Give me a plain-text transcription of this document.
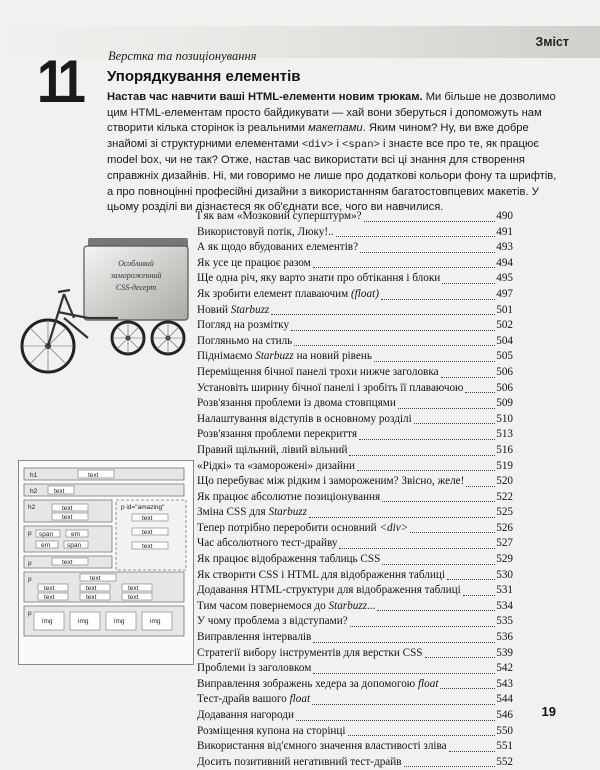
Зміст
11 Верстка та позиціонування
Упорядкування елементів

Настав час навчити ваші HTML-елементи новим трюкам. Ми більше не дозволимо цим HTML-елементам просто байдикувати — хай вони зберуться і допоможуть нам створити кілька сторінок із реальними макетами. Яким чином? Ну, ви вже добре знайомі зі структурними елементами <div> і <span> і знаєте все про те, як працює model box, чи не так? Отже, настав час використати всі ці знання для створення справжніх дизайнів. Ні, ми говоримо не лише про додаткові кольори фону та шрифтів, а про повноцінні професійні дизайни з використанням багатостовпцевих макетів. У цьому розділі ви дізнаєтеся як об'єднати все, чого ви навчилися.

Особливий
замороженний
CSS-десерт
h1	text
h2	text
h2	text
text
p id="amazing"
text
text
text
p span	em
em	span
p	text
p	text
text	text	text
text	text	text
p
img	img	img	img
І як вам «Мозковий суперштурм»?	490
Використовуй потік, Люку!..	491
А як щодо вбудованих елементів?	493
Як усе це працює разом	494
Ще одна річ, яку варто знати про обтікання і блоки	495
Як зробити елемент плаваючим (float)	497
Новий Starbuzz	501
Погляд на розмітку	502
Погляньмо на стиль	504
Піднімаємо Starbuzz на новий рівень	505
Переміщення бічної панелі трохи нижче заголовка	506
Установіть ширину бічної панелі і зробіть її плаваючою	506
Розв'язання проблеми із двома стовпцями	509
Налаштування відступів в основному розділі	510
Розв'язання проблеми перекриття	513
Правий щільний, лівий вільний	516
«Рідкі» та «заморожені» дизайни	519
Що перебуває між рідким і замороженим? Звісно, желе!	520
Як працює абсолютне позиціонування	522
Зміна CSS для Starbuzz	525
Тепер потрібно переробити основний <div>	526
Час абсолютного тест-драйву	527
Як працює відображення таблиць CSS	529
Як створити CSS і HTML для відображення таблиці	530
Додавання HTML-структури для відображення таблиці	531
Тим часом повернемося до Starbuzz...	534
У чому проблема з відступами?	535
Виправлення інтервалів	536
Стратегії вибору інструментів для верстки CSS	539
Проблеми із заголовком	542
Виправлення зображень хедера за допомогою float	543
Тест-драйв вашого float	544
Додавання нагороди	546
Розміщення купона на сторінці	550
Використання від'ємного значення властивості зліва	551
Досить позитивний негативний тест-драйв	552
19
